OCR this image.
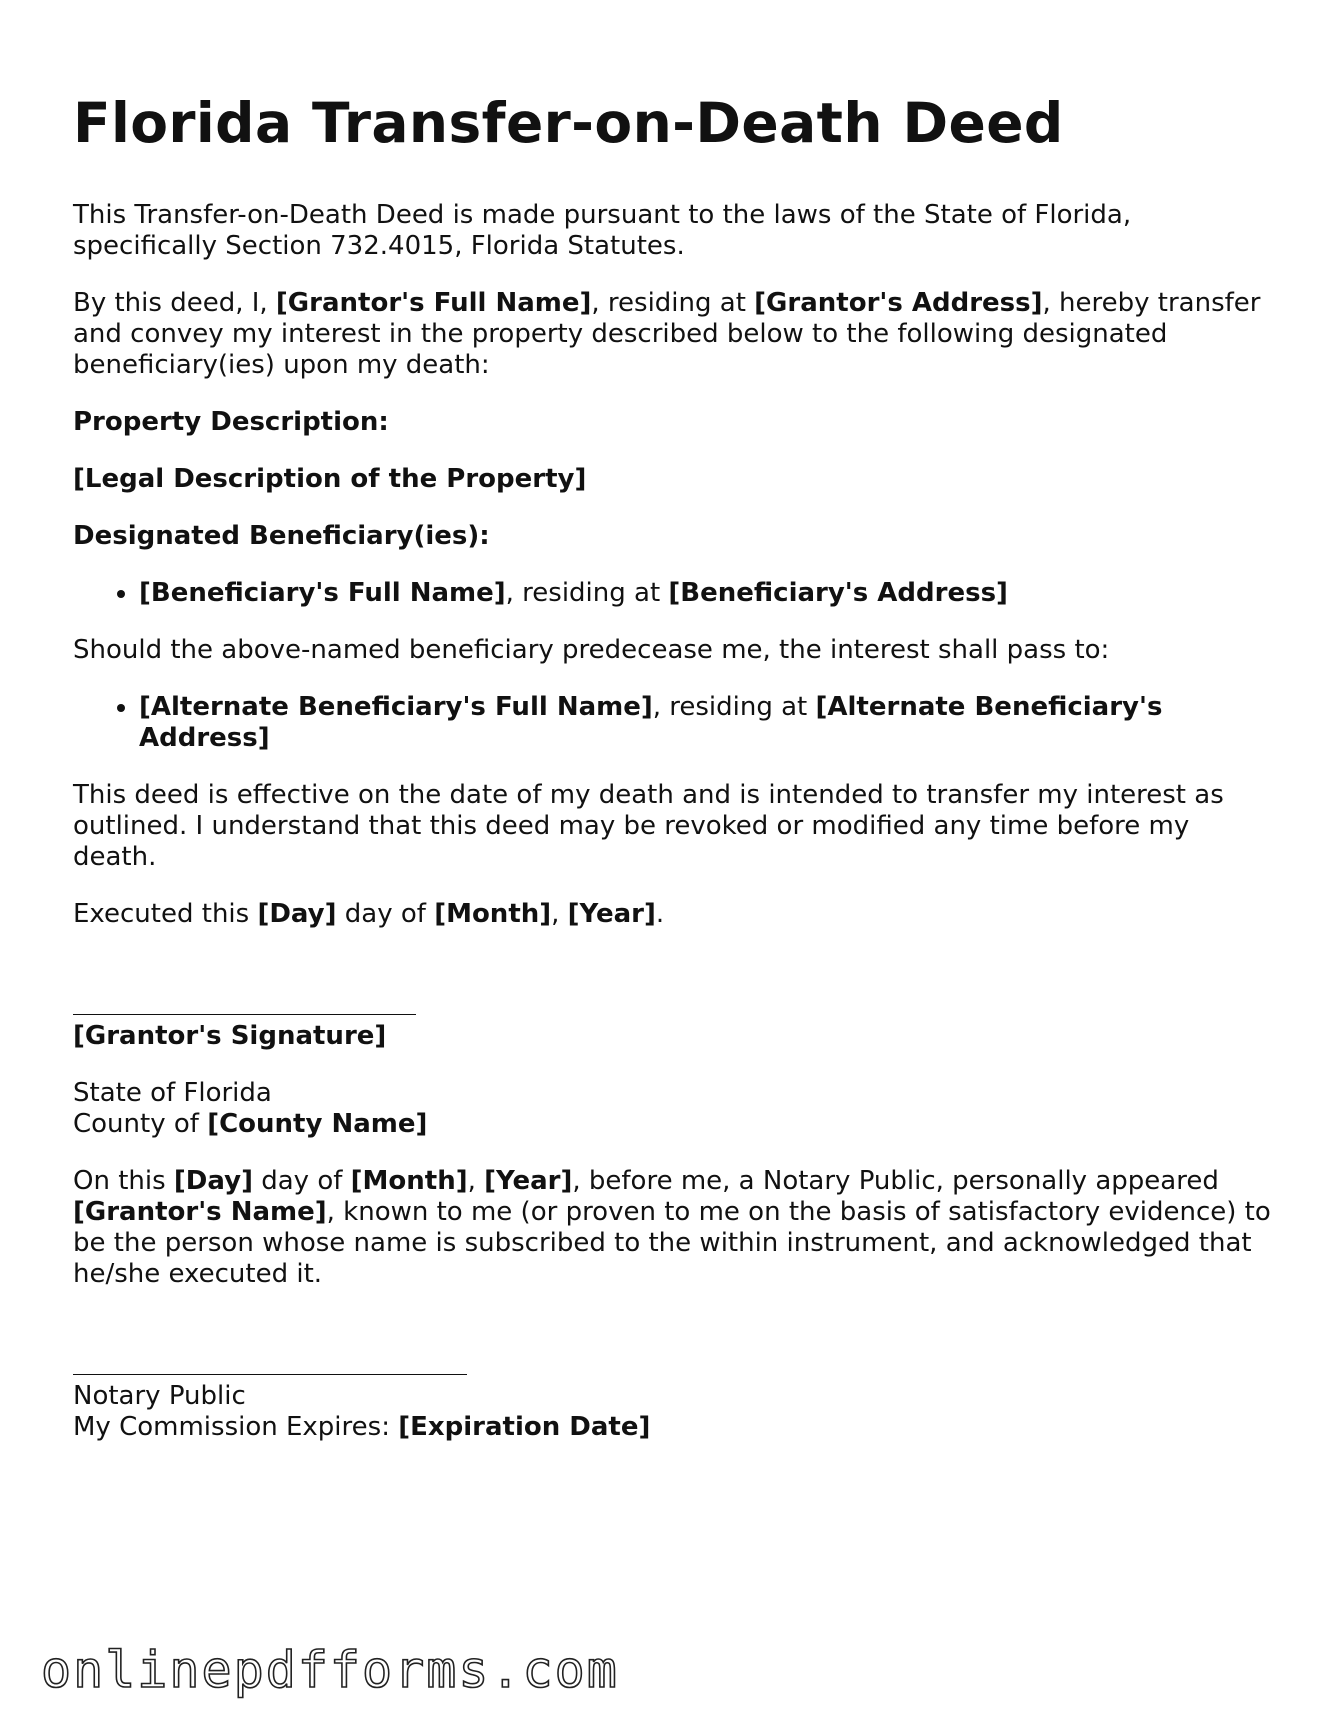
Florida Transfer-on-Death Deed

This Transfer-on-Death Deed is made pursuant to the laws of the State of Florida, specifically Section 732.4015, Florida Statutes.

By this deed, I, [Grantor's Full Name], residing at [Grantor's Address], hereby transfer and convey my interest in the property described below to the following designated beneficiary(ies) upon my death:

Property Description:

[Legal Description of the Property]

Designated Beneficiary(ies):

• [Beneficiary's Full Name], residing at [Beneficiary's Address]

Should the above-named beneficiary predecease me, the interest shall pass to:

• [Alternate Beneficiary's Full Name], residing at [Alternate Beneficiary's Address]

This deed is effective on the date of my death and is intended to transfer my interest as outlined. I understand that this deed may be revoked or modified any time before my death.

Executed this [Day] day of [Month], [Year].

[Grantor's Signature]

State of Florida
County of [County Name]

On this [Day] day of [Month], [Year], before me, a Notary Public, personally appeared [Grantor's Name], known to me (or proven to me on the basis of satisfactory evidence) to be the person whose name is subscribed to the within instrument, and acknowledged that he/she executed it.

Notary Public
My Commission Expires: [Expiration Date]

onlinepdfforms.com
